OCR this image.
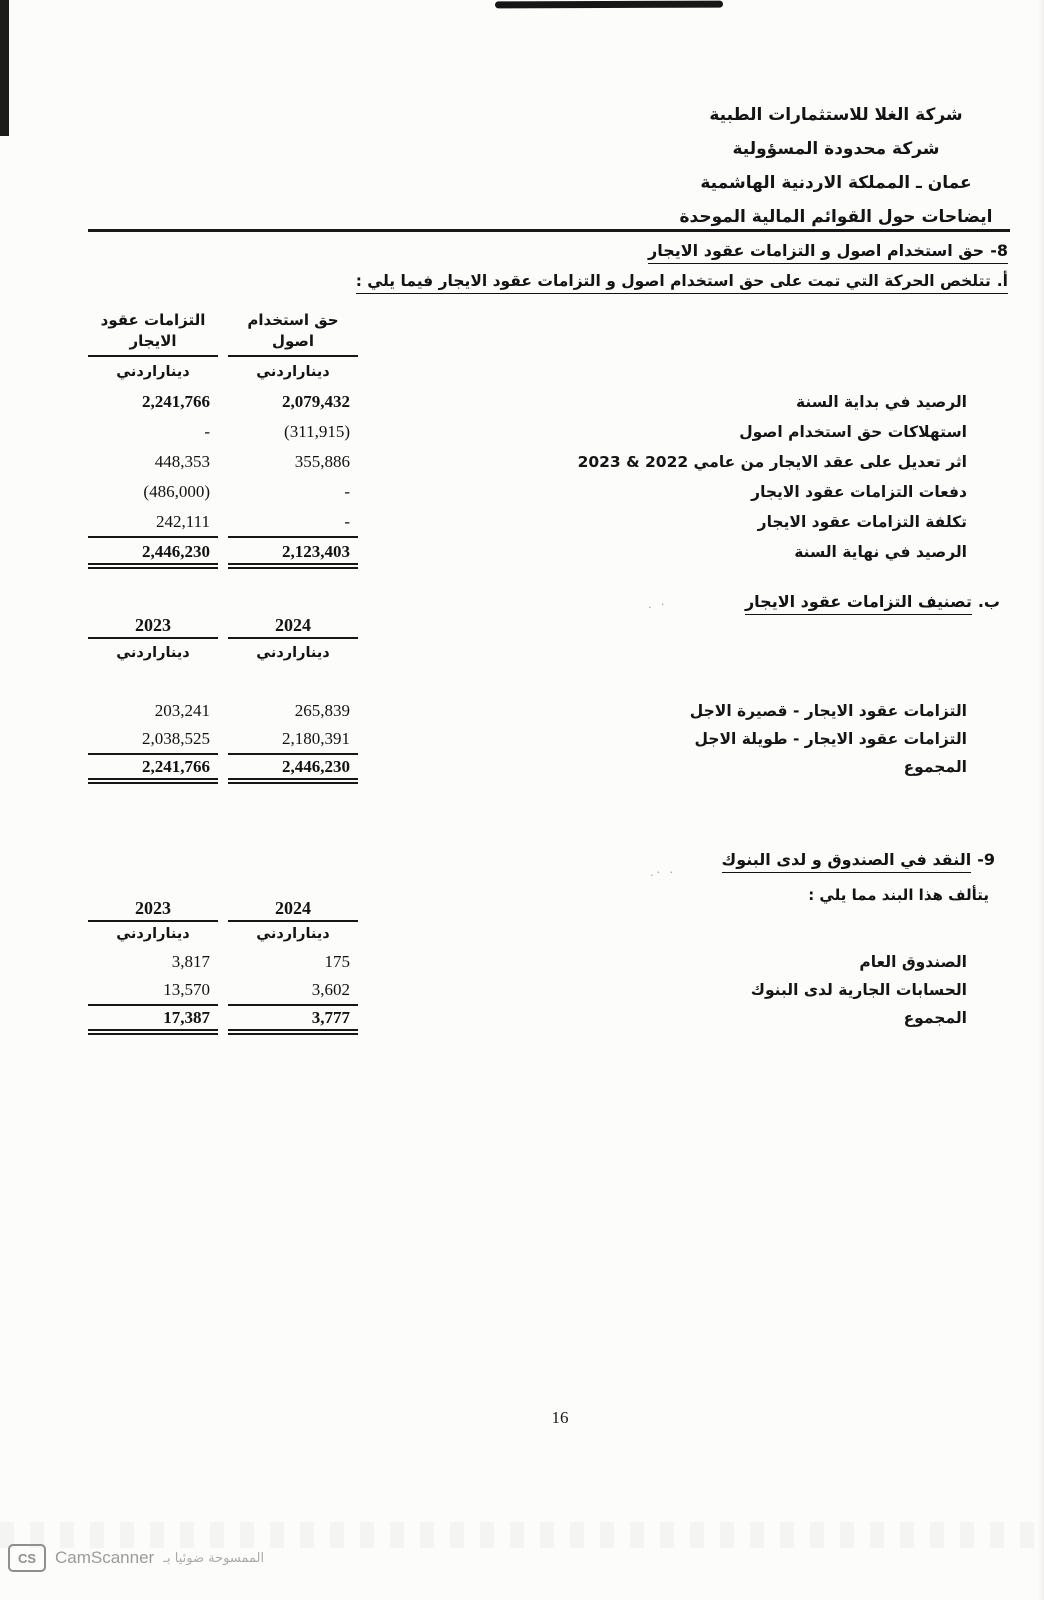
· .
· ·.
شركة الغلا للاستثمارات الطبية
شركة محدودة المسؤولية
عمان ـ المملكة الاردنية الهاشمية
ايضاحات حول القوائم المالية الموحدة
8-حق استخدام اصول و التزامات عقود الايجار
أ.تتلخص الحركة التي تمت على حق استخدام اصول و التزامات عقود الايجار فيما يلي :
التزامات عقود
الايجار
حق استخدام
اصول
ديناراردني	ديناراردني
الرصيد في بداية السنة
2,241,766	2,079,432
استهلاكات حق استخدام اصول
-	(311,915)
اثر تعديل على عقد الايجار من عامي 2022 & 2023
448,353	355,886
دفعات التزامات عقود الايجار
(486,000)	-
تكلفة التزامات عقود الايجار
242,111	-
الرصيد في نهاية السنة
2,446,230	2,123,403
ب.تصنيف التزامات عقود الايجار
2023	2024
ديناراردني	ديناراردني
التزامات عقود الايجار - قصيرة الاجل
203,241	265,839
التزامات عقود الايجار - طويلة الاجل
2,038,525	2,180,391
المجموع
2,241,766	2,446,230
9-النقد في الصندوق و لدى البنوك
يتألف هذا البند مما يلي :
2023	2024
ديناراردني	ديناراردني
الصندوق العام
3,817	175
الحسابات الجارية لدى البنوك
13,570	3,602
المجموع
17,387	3,777
16
CS	CamScanner الممسوحة ضوئيا بـ
